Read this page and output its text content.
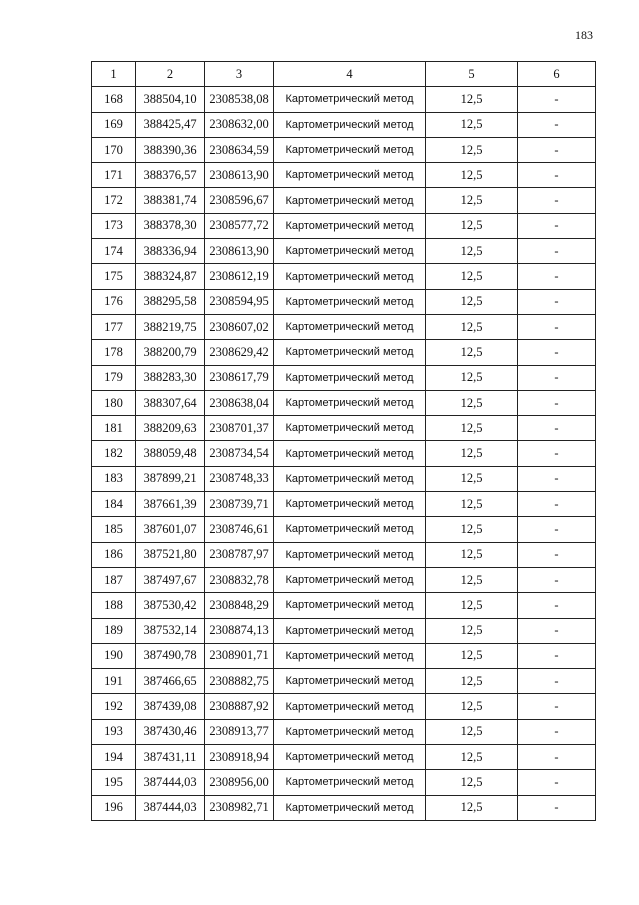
183
1	2	3	4	5	6
168	388504,10	2308538,08	Картометрический метод	12,5	-
169	388425,47	2308632,00	Картометрический метод	12,5	-
170	388390,36	2308634,59	Картометрический метод	12,5	-
171	388376,57	2308613,90	Картометрический метод	12,5	-
172	388381,74	2308596,67	Картометрический метод	12,5	-
173	388378,30	2308577,72	Картометрический метод	12,5	-
174	388336,94	2308613,90	Картометрический метод	12,5	-
175	388324,87	2308612,19	Картометрический метод	12,5	-
176	388295,58	2308594,95	Картометрический метод	12,5	-
177	388219,75	2308607,02	Картометрический метод	12,5	-
178	388200,79	2308629,42	Картометрический метод	12,5	-
179	388283,30	2308617,79	Картометрический метод	12,5	-
180	388307,64	2308638,04	Картометрический метод	12,5	-
181	388209,63	2308701,37	Картометрический метод	12,5	-
182	388059,48	2308734,54	Картометрический метод	12,5	-
183	387899,21	2308748,33	Картометрический метод	12,5	-
184	387661,39	2308739,71	Картометрический метод	12,5	-
185	387601,07	2308746,61	Картометрический метод	12,5	-
186	387521,80	2308787,97	Картометрический метод	12,5	-
187	387497,67	2308832,78	Картометрический метод	12,5	-
188	387530,42	2308848,29	Картометрический метод	12,5	-
189	387532,14	2308874,13	Картометрический метод	12,5	-
190	387490,78	2308901,71	Картометрический метод	12,5	-
191	387466,65	2308882,75	Картометрический метод	12,5	-
192	387439,08	2308887,92	Картометрический метод	12,5	-
193	387430,46	2308913,77	Картометрический метод	12,5	-
194	387431,11	2308918,94	Картометрический метод	12,5	-
195	387444,03	2308956,00	Картометрический метод	12,5	-
196	387444,03	2308982,71	Картометрический метод	12,5	-
